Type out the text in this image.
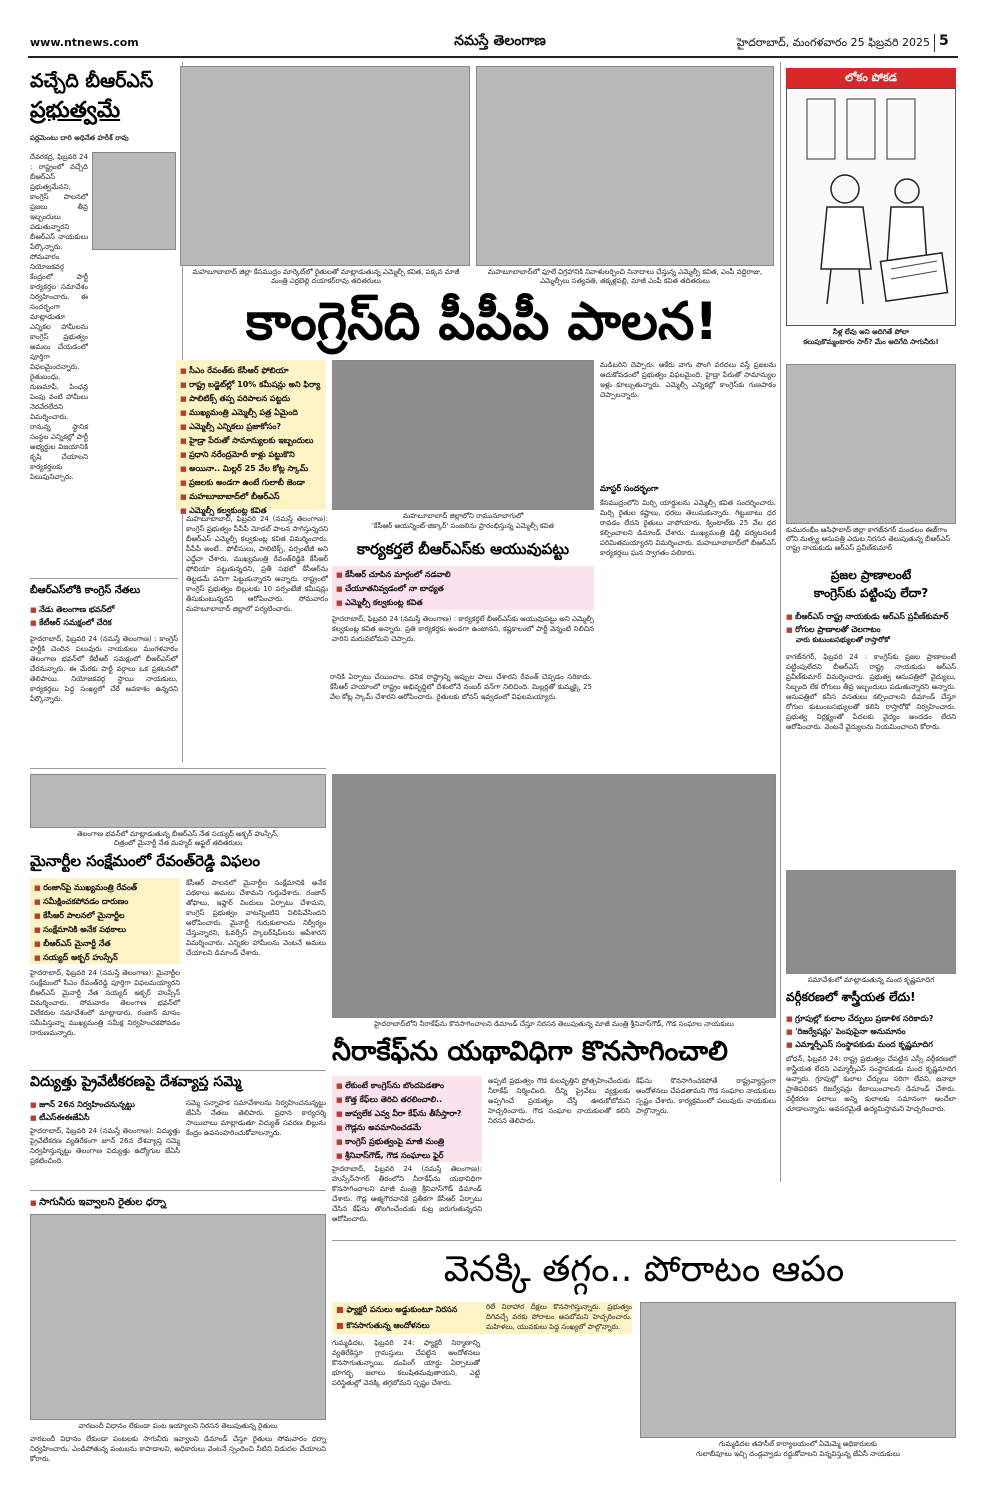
www.ntnews.com	నమస్తే తెలంగాణ	హైదరాబాద్‌, మంగళవారం 25 ఫిబ్రవరి 2025 5
వచ్చేది బీఆర్‌ఎస్‌
ప్రభుత్వమే
పర్లమెంటు దారి అధినేత హరీశ్‌ రావు
దేవరకద్ర, ఫిబ్రవరి 24 : రాష్ట్రంలో వచ్చేది బీఆర్‌ఎస్‌ ప్రభుత్వమేనని, కాంగ్రెస్‌ పాలనలో ప్రజలు తీవ్ర ఇబ్బందులు పడుతున్నారని బీఆర్‌ఎస్‌ నాయకులు పేర్కొన్నారు. సోమవారం నియోజకవర్గ కేంద్రంలో పార్టీ కార్యకర్తల సమావేశం నిర్వహించారు. ఈ సందర్భంగా మాట్లాడుతూ ఎన్నికల హామీలను కాంగ్రెస్‌ ప్రభుత్వం అమలు చేయడంలో పూర్తిగా విఫలమైందన్నారు. రైతుబంధు, రుణమాఫీ, పింఛన్ల పెంపు వంటి హామీలు నెరవేరలేదని విమర్శించారు. రానున్న స్థానిక సంస్థల ఎన్నికల్లో పార్టీ అభ్యర్థుల విజయానికి కృషి చేయాలని కార్యకర్తలకు పిలుపునిచ్చారు.
బీఆర్‌ఎస్‌లోకి కాంగ్రెస్‌ నేతలు
■ నేడు తెలంగాణ భవన్‌లో
■ కేటీఆర్‌ సమక్షంలో చేరిక
హైదరాబాద్‌, ఫిబ్రవరి 24 (నమస్తే తెలంగాణ) : కాంగ్రెస్‌ పార్టీకి చెందిన పలువురు నాయకులు మంగళవారం తెలంగాణ భవన్‌లో కేటీఆర్‌ సమక్షంలో బీఆర్‌ఎస్‌లో చేరనున్నారు. ఈ మేరకు పార్టీ వర్గాలు ఒక ప్రకటనలో తెలిపాయి. నియోజకవర్గ స్థాయి నాయకులు, కార్యకర్తలు పెద్ద సంఖ్యలో చేరే అవకాశం ఉన్నదని పేర్కొన్నారు.
మహబూబాబాద్‌ జిల్లా కేసముద్రం మార్కెట్‌లో రైతులతో మాట్లాడుతున్న ఎమ్మెల్సీ కవిత, పక్కన మాజీ మంత్రి ఎర్రబెల్లి దయాకర్‌రావు తదితరులు
మహబూబాబాద్‌లో ఫూలే విగ్రహానికి నివాళులర్పించి నినాదాలు చేస్తున్న ఎమ్మెల్సీ కవిత, ఎంపీ వద్దిరాజు, ఎమ్మెల్సీలు సత్యవతి, తక్కళ్లపల్లి, మాజీ ఎంపీ కవిత తదితరులు
లోకం పోకడ
నీళ్ల లేవు అని ఆదిగితే పోలా
కలుపుకొమ్మంటారం సార్‌? మేం ఆదిగేది సాగునీరు!
కాంగ్రెస్‌ది పీపీపీ పాలన!
■ సీఎం రేవంత్‌కు కేసీఆర్‌ ఫోబియా
■ రాష్ట్ర బడ్జెట్‌ల్లో 10% కమీషన్లు అని ఫిర్యా
■ పాలిటిక్స్‌ తప్ప పరిపాలన పట్టదు
■ ముఖ్యమంత్రి ఎమ్మెల్సీ పత్ర ఏమైంది
■ ఎమ్మెల్సీ ఎన్నికలు ప్రజాకోసం?
■ హైడ్రా పేరుతో సామాన్యులకు ఇబ్బందులు
■ ప్రధాని నరేంద్రమోదీ కాళ్లు పట్టుకొని
■ అయినా.. మిల్లర్‌ 25 వేల కోట్ల స్కామ్‌
■ ప్రజలకు అండగా ఉంటే గులాబీ జెండా
■ మహబూబాబాద్‌లో బీఆర్‌ఎస్‌
■ ఎమ్మెల్సీ కల్వకుంట్ల కవిత
మహబూబాబాద్‌ జిల్లాలోని రామునూబాగులో
'కేసీఆర్‌ ఆయన్నింట్‌-జిక్కార్‌' సంజలిను ప్రారంభిస్తున్న ఎమ్మెల్సీ కవిత
మహబూబాబాద్‌, ఫిబ్రవరి 24 (నమస్తే తెలంగాణ): కాంగ్రెస్‌ ప్రభుత్వం పీపీపీ మోడల్‌ పాలన సాగిస్తున్నదని బీఆర్‌ఎస్‌ ఎమ్మెల్సీ కల్వకుంట్ల కవిత విమర్శించారు. పీపీపీ అంటే.. పోలీసులు, పాలిటిక్స్‌, పర్సంటేజీ అని ఎద్దేవా చేశారు. ముఖ్యమంత్రి రేవంత్‌రెడ్డికి కేసీఆర్‌ ఫోబియా పట్టుకున్నదని, ప్రతీ సభలో కేసీఆర్‌ను తిట్టడమే పనిగా పెట్టుకున్నారని అన్నారు. రాష్ట్రంలో కాంగ్రెస్‌ ప్రభుత్వం బిల్లులకు 10 పర్సంటేజీ కమీషన్లు తీసుకుంటున్నదని ఆరోపించారు. సోమవారం మహబూబాబాద్‌ జిల్లాలో పర్యటించారు.
రానికి ఏర్పాటు చేయించాం. ధనిక రాష్ట్రాన్ని అప్పుల పాలు చేశారని రేవంత్‌ చెప్పడం సరికాదు. కేసీఆర్‌ హయాంలో రాష్ట్రం అభివృద్ధిలో దేశంలోనే నంబర్‌ వన్‌గా నిలిచింది. మిల్లర్లతో కుమ్మక్కై 25 వేల కోట్ల స్కామ్‌ చేశారని ఆరోపించారు. రైతులకు బోనస్‌ ఇవ్వడంలో విఫలమయ్యారు.
మడిబరిని చెప్పారు. ఆకేరు వాగు పొంగి వరదలు వస్తే ప్రజలను ఆదుకోవడంలో ప్రభుత్వం విఫలమైంది. హైడ్రా పేరుతో సామాన్యుల ఇళ్లు కూల్చుతున్నారు. ఎమ్మెల్సీ ఎన్నికల్లో కాంగ్రెస్‌కు గుణపాఠం చెప్పాలన్నారు.
మాస్టర్‌ సందర్భంగా
కేసముద్రంలోని మిర్చి యార్డులను ఎమ్మెల్సీ కవిత సందర్శించారు. మిర్చి రైతుల కష్టాలు, ధరలు తెలుసుకున్నారు. గిట్టుబాటు ధర రావడం లేదని రైతులు వాపోయారు. క్వింటాల్‌కు 25 వేల ధర కల్పించాలని డిమాండ్‌ చేశారు. ముఖ్యమంత్రి ఢిల్లీ పర్యటనలకే పరిమితమయ్యారని విమర్శించారు. మహబూబాబాద్‌లో బీఆర్‌ఎస్‌ కార్యకర్తలు ఘన స్వాగతం పలికారు.
కార్యకర్తలే బీఆర్‌ఎస్‌కు ఆయువుపట్టు
■ కేసీఆర్‌ చూపిన మార్గంలో నడవాలి
■ చేయూతనివ్వడంలో నా బాధ్యత
■ ఎమ్మెల్సీ కల్వకుంట్ల కవిత
హైదరాబాద్‌, ఫిబ్రవరి 24 (నమస్తే తెలంగాణ) : కార్యకర్తలే బీఆర్‌ఎస్‌కు ఆయువుపట్టు అని ఎమ్మెల్సీ కల్వకుంట్ల కవిత అన్నారు. ప్రతి కార్యకర్తకు అండగా ఉంటానని, కష్టకాలంలో పార్టీ వెన్నంటి నిలిచిన వారిని మరువబోమని చెప్పారు.
కుమురంభీం ఆసిఫాబాద్‌ జిల్లా కాగజ్‌నగర్‌ మండలం ఈజ్‌గాం లోని మత్స్య ఆసుపత్రి ఎదుట నిరసన తెలుపుతున్న బీఆర్‌ఎస్‌ రాష్ట్ర నాయకుడు ఆర్‌ఎస్‌ ప్రవీణ్‌కుమార్‌
ప్రజల ప్రాణాలంటే
కాంగ్రెస్‌కు పట్టింపు లేదా?
■ బీఆర్‌ఎస్‌ రాష్ట్ర నాయకుడు ఆర్‌ఎస్‌ ప్రవీణ్‌కుమార్‌
■ రోగుల ప్రాణాలతో చెలగాటం
వారు కుటుంబసభ్యులతో రాస్తారోకో
కాగజ్‌నగర్‌, ఫిబ్రవరి 24 : కాంగ్రెస్‌కు ప్రజల ప్రాణాలంటే పట్టింపులేదని బీఆర్‌ఎస్‌ రాష్ట్ర నాయకుడు ఆర్‌ఎస్‌ ప్రవీణ్‌కుమార్‌ విమర్శించారు. ప్రభుత్వ ఆసుపత్రిలో వైద్యులు, సిబ్బంది లేక రోగులు తీవ్ర ఇబ్బందులు పడుతున్నారని అన్నారు. ఆసుపత్రిలో కనీస వసతులు కల్పించాలని డిమాండ్‌ చేస్తూ రోగుల కుటుంబసభ్యులతో కలిసి రాస్తారోకో నిర్వహించారు. ప్రభుత్వ నిర్లక్ష్యంతో పేదలకు వైద్యం అందడం లేదని ఆరోపించారు. వెంటనే వైద్యులను నియమించాలని కోరారు.
సమావేశంలో మాట్లాడుతున్న మంద కృష్ణమాదిగ
వర్గీకరణలో శాస్త్రీయత లేదు!
■ గ్రూపుల్లో కులాల చేర్పులు ప్రణాళిక సరికాదు?
■ 'రిజర్వేషన్లు' పెంపుపైనా అనుమానం
■ ఎమ్మార్పీఎస్‌ సంస్థాపకుడు మంద కృష్ణమాదిగ
బోధన్‌, ఫిబ్రవరి 24: రాష్ట్ర ప్రభుత్వం చేపట్టిన ఎస్సీ వర్గీకరణలో శాస్త్రీయత లేదని ఎమ్మార్పీఎస్‌ సంస్థాపకుడు మంద కృష్ణమాదిగ అన్నారు. గ్రూపుల్లో కులాల చేర్పులు సరిగా లేవని, జనాభా ప్రాతిపదికన రిజర్వేషన్లు కేటాయించాలని డిమాండ్‌ చేశారు. వర్గీకరణ ఫలాలు అన్ని కులాలకు సమానంగా అందేలా చూడాలన్నారు. అవసరమైతే ఉద్యమిస్తామని హెచ్చరించారు.
తెలంగాణ భవన్‌లో మాట్లాడుతున్న బీఆర్‌ఎస్‌ నేత సయ్యద్‌ అక్బర్‌ హుస్సేన్‌,
చిత్రంలో మైనార్టీ నేత మహ్మద్‌ అఫ్జల్‌ తదితరులు
మైనార్టీల సంక్షేమంలో రేవంత్‌రెడ్డి విఫలం
■ రంజాన్‌పై ముఖ్యమంత్రి రేవంత్‌
■ సమీక్షించకపోవడం దారుణం
■ కేసీఆర్‌ పాలనలో మైనార్టీల
■ సంక్షేమానికి అనేక పథకాలు
■ బీఆర్‌ఎస్‌ మైనార్టీ నేత
■ సయ్యద్‌ అక్బర్‌ హుస్సేన్‌
హైదరాబాద్‌, ఫిబ్రవరి 24 (నమస్తే తెలంగాణ): మైనార్టీల సంక్షేమంలో సీఎం రేవంత్‌రెడ్డి పూర్తిగా విఫలమయ్యారని బీఆర్‌ఎస్‌ మైనార్టీ నేత సయ్యద్‌ అక్బర్‌ హుస్సేన్‌ విమర్శించారు. సోమవారం తెలంగాణ భవన్‌లో విలేకరుల సమావేశంలో మాట్లాడారు. రంజాన్‌ మాసం సమీపిస్తున్నా ముఖ్యమంత్రి సమీక్ష నిర్వహించకపోవడం దారుణమన్నారు.
కేసీఆర్‌ పాలనలో మైనార్టీల సంక్షేమానికి అనేక పథకాలు అమలు చేశామని గుర్తుచేశారు. రంజాన్‌ తోఫాలు, ఇఫ్తార్‌ విందులు ఏర్పాటు చేశామని, కాంగ్రెస్‌ ప్రభుత్వం వాటన్నింటిని నిలిపివేసిందని ఆరోపించారు. మైనార్టీ గురుకులాలను నిర్వీర్యం చేస్తున్నారని, ఓవర్సీస్‌ స్కాలర్‌షిప్‌లను ఆపేశారని విమర్శించారు. ఎన్నికల హామీలను వెంటనే అమలు చేయాలని డిమాండ్‌ చేశారు.
విద్యుత్తు ప్రైవేటీకరణపై దేశవ్యాప్త సమ్మె
■ జూన్‌ 26న నిర్వహించనున్నట్టు
■ టీఎస్‌ఈఈజేఏసీ
హైదరాబాద్‌, ఫిబ్రవరి 24 (నమస్తే తెలంగాణ): విద్యుత్తు ప్రైవేటీకరణ వ్యతిరేకంగా జూన్‌ 26న దేశవ్యాప్త సమ్మె నిర్వహిస్తున్నట్టు తెలంగాణ విద్యుత్తు ఉద్యోగుల జేఏసీ ప్రకటించింది.
సమ్మె సన్నాహక సమావేశాలను నిర్వహించనున్నట్టు జేఏసీ నేతలు తెలిపారు. ప్రధాన కార్యదర్శి సాయిబాబు మాట్లాడుతూ విద్యుత్‌ సవరణ బిల్లును కేంద్రం ఉపసంహరించుకోవాలన్నారు.
■ సాగునీరు ఇవ్వాలని రైతుల ధర్నా
వారబందీ విధానం లేకుండా పంట ఇయ్యాలని నిరసన తెలుపుతున్న రైతులు
వారబందీ విధానం లేకుండా పంటలకు సాగునీరు ఇవ్వాలని డిమాండ్‌ చేస్తూ రైతులు సోమవారం ధర్నా నిర్వహించారు. ఎండిపోతున్న పంటలను కాపాడాలని, అధికారులు వెంటనే స్పందించి నీటిని విడుదల చేయాలని కోరారు.
హైదరాబాద్‌లోని నీరాకేఫ్‌ను కొనసాగించాలని డిమాండ్‌ చేస్తూ నిరసన తెలుపుతున్న మాజీ మంత్రి శ్రీనివాస్‌గౌడ్‌, గౌడ సంఘాల నాయకులు
నీరాకేఫ్‌ను యథావిధిగా కొనసాగించాలి
■ లేకుంటే కాంగ్రెస్‌ను బొందపెడతాం
■ కొత్త కేఫ్‌లు తెరిచి తరలించాలి..
■ జువ్వలేక ఎవ్వ వీరా కేఫ్‌ను తీసేస్తారా?
■ గౌడ్లను అవమానించడమే
■ కాంగ్రెస్‌ ప్రభుత్వంపై మాజీ మంత్రి
■ శ్రీనివాస్‌గౌడ్‌, గౌడ సంఘాలు ఫైర్‌
హైదరాబాద్‌, ఫిబ్రవరి 24 (నమస్తే తెలంగాణ): హుస్సేన్‌సాగర్‌ తీరంలోని నీరాకేఫ్‌ను యథావిధిగా కొనసాగించాలని మాజీ మంత్రి శ్రీనివాస్‌గౌడ్‌ డిమాండ్‌ చేశారు. గౌడ్ల ఆత్మగౌరవానికి ప్రతీకగా కేసీఆర్‌ ఏర్పాటు చేసిన కేఫ్‌ను తొలగించేందుకు కుట్ర జరుగుతున్నదని ఆరోపించారు.
అప్పటి ప్రభుత్వం గౌడ కులవృత్తిని ప్రోత్సహించేందుకు నీరాకేఫ్‌ నిర్మించింది. దీన్ని ప్రైవేటు వ్యక్తులకు అప్పగించే ప్రయత్నం చేస్తే ఊరుకోబోమని హెచ్చరించారు. గౌడ సంఘాల నాయకులతో కలిసి నిరసన తెలిపారు.
కేఫ్‌ను కొనసాగించకపోతే రాష్ట్రవ్యాప్తంగా ఆందోళనలు చేపడతామని గౌడ సంఘాల నాయకులు స్పష్టం చేశారు. కార్యక్రమంలో పలువురు నాయకులు పాల్గొన్నారు.
వెనక్కి తగ్గం.. పోరాటం ఆపం
■ ఫ్యాక్టరీ పనులు అడ్డుకుంటూ నిరసన
■ కొనసాగుతున్న ఆందోళనలు
గుమ్మడిదల, ఫిబ్రవరి 24: ఫ్యాక్టరీ నిర్మాణాన్ని వ్యతిరేకిస్తూ గ్రామస్తులు చేపట్టిన ఆందోళనలు కొనసాగుతున్నాయి. డంపింగ్‌ యార్డు ఏర్పాటుతో భూగర్భ జలాలు కలుషితమవుతాయని, ఎట్టి పరిస్థితుల్లో వెనక్కి తగ్గబోమని స్పష్టం చేశారు.
రిలే నిరాహార దీక్షలు కొనసాగిస్తున్నారు. ప్రభుత్వం దిగివచ్చే వరకు పోరాటం ఆపబోమని హెచ్చరించారు. మహిళలు, యువకులు పెద్ద సంఖ్యలో పాల్గొన్నారు.
గుమ్మడిదల తహసీల్‌ కార్యాలయంలో ఏమెమ్మె అధికారులకు
గులాబీపూలు ఇచ్చి దండ్గవ్వాడు రద్దుకోవాలని విన్నవిస్తున్న జేఏసీ నాయకులు
